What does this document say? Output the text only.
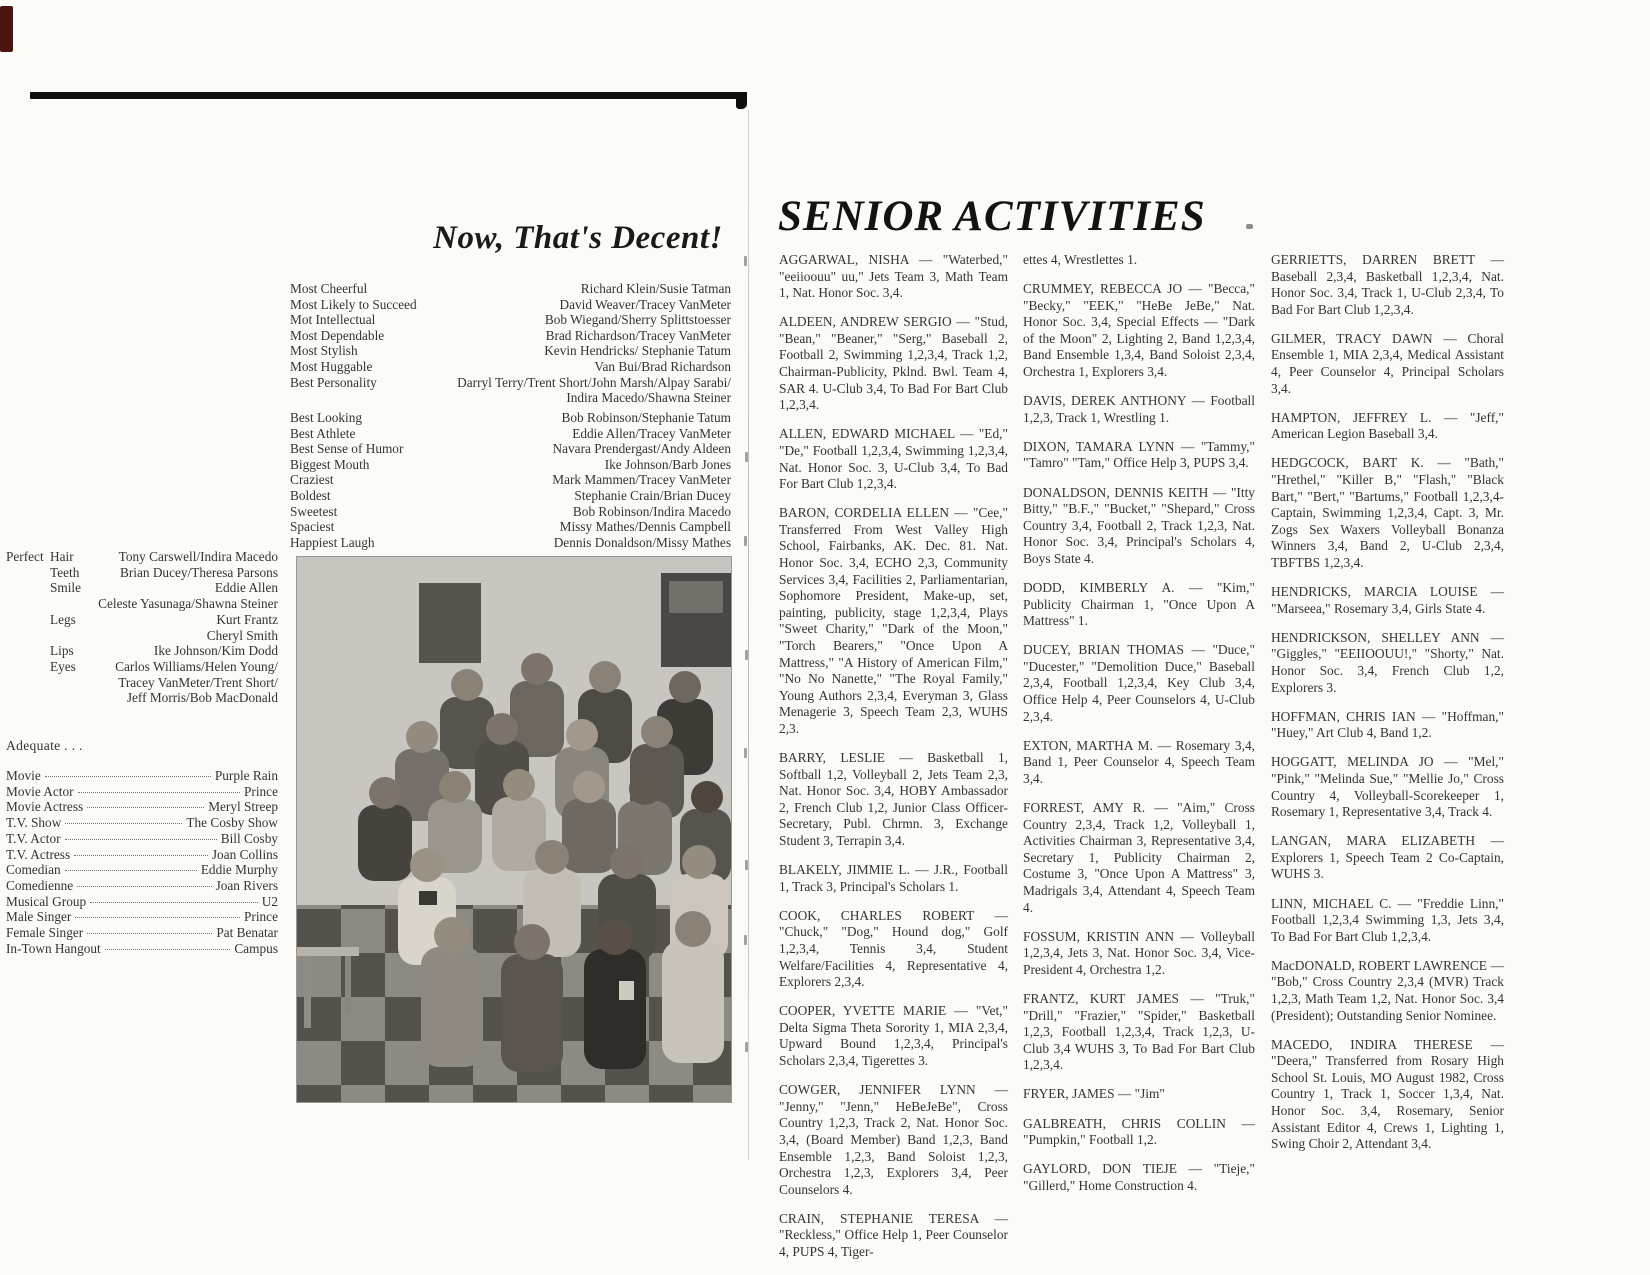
Now, That's Decent!
Most Cheerful	Richard Klein/Susie Tatman
Most Likely to Succeed	David Weaver/Tracey VanMeter
Mot Intellectual	Bob Wiegand/Sherry Splittstoesser
Most Dependable	Brad Richardson/Tracey VanMeter
Most Stylish	Kevin Hendricks/ Stephanie Tatum
Most Huggable	Van Bui/Brad Richardson
Best Personality	Darryl Terry/Trent Short/John Marsh/Alpay Sarabi/
Indira Macedo/Shawna Steiner
Best Looking	Bob Robinson/Stephanie Tatum
Best Athlete	Eddie Allen/Tracey VanMeter
Best Sense of Humor	Navara Prendergast/Andy Aldeen
Biggest Mouth	Ike Johnson/Barb Jones
Craziest	Mark Mammen/Tracey VanMeter
Boldest	Stephanie Crain/Brian Ducey
Sweetest	Bob Robinson/Indira Macedo
Spaciest	Missy Mathes/Dennis Campbell
Happiest Laugh	Dennis Donaldson/Missy Mathes
Perfect Hair	Tony Carswell/Indira Macedo
Teeth	Brian Ducey/Theresa Parsons
Smile	Eddie Allen
Celeste Yasunaga/Shawna Steiner
Legs	Kurt Frantz
Cheryl Smith
Lips	Ike Johnson/Kim Dodd
Eyes	Carlos Williams/Helen Young/
Tracey VanMeter/Trent Short/
Jeff Morris/Bob MacDonald
Adequate . . .
Movie	Purple Rain
Movie Actor	Prince
Movie Actress	Meryl Streep
T.V. Show	The Cosby Show
T.V. Actor	Bill Cosby
T.V. Actress	Joan Collins
Comedian	Eddie Murphy
Comedienne	Joan Rivers
Musical Group	U2
Male Singer	Prince
Female Singer	Pat Benatar
In-Town Hangout	Campus
SENIOR ACTIVITIES

AGGARWAL, NISHA — "Waterbed," "eeiioouu" uu," Jets Team 3, Math Team 1, Nat. Honor Soc. 3,4.

ALDEEN, ANDREW SERGIO — "Stud, "Bean," "Beaner," "Serg," Baseball 2, Football 2, Swimming 1,2,3,4, Track 1,2, Chairman-Publicity, Pklnd. Bwl. Team 4, SAR 4. U-Club 3,4, To Bad For Bart Club 1,2,3,4.

ALLEN, EDWARD MICHAEL — "Ed," "De," Football 1,2,3,4, Swimming 1,2,3,4, Nat. Honor Soc. 3, U-Club 3,4, To Bad For Bart Club 1,2,3,4.

BARON, CORDELIA ELLEN — "Cee," Transferred From West Valley High School, Fairbanks, AK. Dec. 81. Nat. Honor Soc. 3,4, ECHO 2,3, Community Services 3,4, Facilities 2, Parliamentarian, Sophomore President, Make-up, set, painting, publicity, stage 1,2,3,4, Plays "Sweet Charity," "Dark of the Moon," "Torch Bearers," "Once Upon A Mattress," "A History of American Film," "No No Nanette," "The Royal Family," Young Authors 2,3,4, Everyman 3, Glass Menagerie 3, Speech Team 2,3, WUHS 2,3.

BARRY, LESLIE — Basketball 1, Softball 1,2, Volleyball 2, Jets Team 2,3, Nat. Honor Soc. 3,4, HOBY Ambassador 2, French Club 1,2, Junior Class Officer-Secretary, Publ. Chrmn. 3, Exchange Student 3, Terrapin 3,4.

BLAKELY, JIMMIE L. — J.R., Football 1, Track 3, Principal's Scholars 1.

COOK, CHARLES ROBERT — "Chuck," "Dog," Hound dog," Golf 1,2,3,4, Tennis 3,4, Student Welfare/Facilities 4, Representative 4, Explorers 2,3,4.

COOPER, YVETTE MARIE — "Vet," Delta Sigma Theta Sorority 1, MIA 2,3,4, Upward Bound 1,2,3,4, Principal's Scholars 2,3,4, Tigerettes 3.

COWGER, JENNIFER LYNN — "Jenny," "Jenn," HeBeJeBe", Cross Country 1,2,3, Track 2, Nat. Honor Soc. 3,4, (Board Member) Band 1,2,3, Band Ensemble 1,2,3, Band Soloist 1,2,3, Orchestra 1,2,3, Explorers 3,4, Peer Counselors 4.

CRAIN, STEPHANIE TERESA — "Reckless," Office Help 1, Peer Counselor 4, PUPS 4, Tiger-

ettes 4, Wrestlettes 1.

CRUMMEY, REBECCA JO — "Becca," "Becky," "EEK," "HeBe JeBe," Nat. Honor Soc. 3,4, Special Effects — "Dark of the Moon" 2, Lighting 2, Band 1,2,3,4, Band Ensemble 1,3,4, Band Soloist 2,3,4, Orchestra 1, Explorers 3,4.

DAVIS, DEREK ANTHONY — Football 1,2,3, Track 1, Wrestling 1.

DIXON, TAMARA LYNN — "Tammy," "Tamro" "Tam," Office Help 3, PUPS 3,4.

DONALDSON, DENNIS KEITH — "Itty Bitty," "B.F.," "Bucket," "Shepard," Cross Country 3,4, Football 2, Track 1,2,3, Nat. Honor Soc. 3,4, Principal's Scholars 4, Boys State 4.

DODD, KIMBERLY A. — "Kim," Publicity Chairman 1, "Once Upon A Mattress" 1.

DUCEY, BRIAN THOMAS — "Duce," "Ducester," "Demolition Duce," Baseball 2,3,4, Football 1,2,3,4, Key Club 3,4, Office Help 4, Peer Counselors 4, U-Club 2,3,4.

EXTON, MARTHA M. — Rosemary 3,4, Band 1, Peer Counselor 4, Speech Team 3,4.

FORREST, AMY R. — "Aim," Cross Country 2,3,4, Track 1,2, Volleyball 1, Activities Chairman 3, Representative 3,4, Secretary 1, Publicity Chairman 2, Costume 3, "Once Upon A Mattress" 3, Madrigals 3,4, Attendant 4, Speech Team 4.

FOSSUM, KRISTIN ANN — Volleyball 1,2,3,4, Jets 3, Nat. Honor Soc. 3,4, Vice-President 4, Orchestra 1,2.

FRANTZ, KURT JAMES — "Truk," "Drill," "Frazier," "Spider," Basketball 1,2,3, Football 1,2,3,4, Track 1,2,3, U-Club 3,4 WUHS 3, To Bad For Bart Club 1,2,3,4.

FRYER, JAMES — "Jim"

GALBREATH, CHRIS COLLIN — "Pumpkin," Football 1,2.

GAYLORD, DON TIEJE — "Tieje," "Gillerd," Home Construction 4.

GERRIETTS, DARREN BRETT — Baseball 2,3,4, Basketball 1,2,3,4, Nat. Honor Soc. 3,4, Track 1, U-Club 2,3,4, To Bad For Bart Club 1,2,3,4.

GILMER, TRACY DAWN — Choral Ensemble 1, MIA 2,3,4, Medical Assistant 4, Peer Counselor 4, Principal Scholars 3,4.

HAMPTON, JEFFREY L. — "Jeff," American Legion Baseball 3,4.

HEDGCOCK, BART K. — "Bath," "Hrethel," "Killer B," "Flash," "Black Bart," "Bert," "Bartums," Football 1,2,3,4-Captain, Swimming 1,2,3,4, Capt. 3, Mr. Zogs Sex Waxers Volleyball Bonanza Winners 3,4, Band 2, U-Club 2,3,4, TBFTBS 1,2,3,4.

HENDRICKS, MARCIA LOUISE — "Marseea," Rosemary 3,4, Girls State 4.

HENDRICKSON, SHELLEY ANN — "Giggles," "EEIIOOUU!," "Shorty," Nat. Honor Soc. 3,4, French Club 1,2, Explorers 3.

HOFFMAN, CHRIS IAN — "Hoffman," "Huey," Art Club 4, Band 1,2.

HOGGATT, MELINDA JO — "Mel," "Pink," "Melinda Sue," "Mellie Jo," Cross Country 4, Volleyball-Scorekeeper 1, Rosemary 1, Representative 3,4, Track 4.

LANGAN, MARA ELIZABETH — Explorers 1, Speech Team 2 Co-Captain, WUHS 3.

LINN, MICHAEL C. — "Freddie Linn," Football 1,2,3,4 Swimming 1,3, Jets 3,4, To Bad For Bart Club 1,2,3,4.

MacDONALD, ROBERT LAWRENCE — "Bob," Cross Country 2,3,4 (MVR) Track 1,2,3, Math Team 1,2, Nat. Honor Soc. 3,4 (President); Outstanding Senior Nominee.

MACEDO, INDIRA THERESE — "Deera," Transferred from Rosary High School St. Louis, MO August 1982, Cross Country 1, Track 1, Soccer 1,3,4, Nat. Honor Soc. 3,4, Rosemary, Senior Assistant Editor 4, Crews 1, Lighting 1, Swing Choir 2, Attendant 3,4.
